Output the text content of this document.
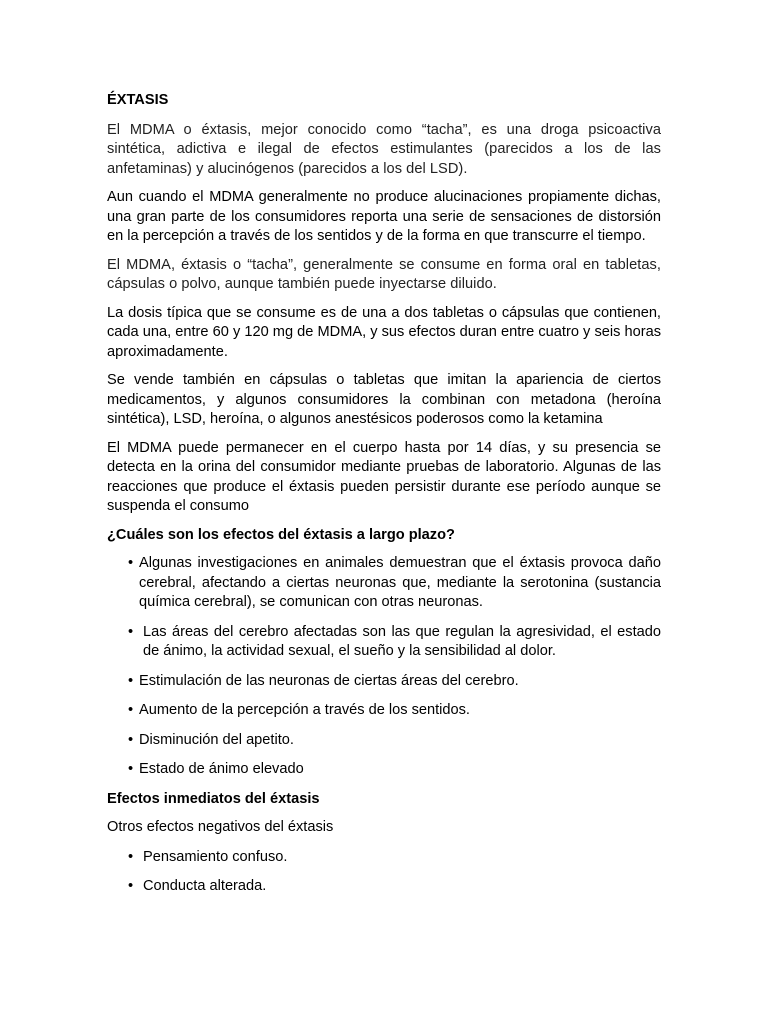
ÉXTASIS

El MDMA o éxtasis, mejor conocido como “tacha”, es una droga psicoactiva sintética, adictiva e ilegal de efectos estimulantes (parecidos a los de las anfetaminas) y alucinógenos (parecidos a los del LSD).

Aun cuando el MDMA generalmente no produce alucinaciones propiamente dichas, una gran parte de los consumidores reporta una serie de sensaciones de distorsión en la percepción a través de los sentidos y de la forma en que transcurre el tiempo.

El MDMA, éxtasis o “tacha”, generalmente se consume en forma oral en tabletas, cápsulas o polvo, aunque también puede inyectarse diluido.

La dosis típica que se consume es de una a dos tabletas o cápsulas que contienen, cada una, entre 60 y 120 mg de MDMA, y sus efectos duran entre cuatro y seis horas aproximadamente.

Se vende también en cápsulas o tabletas que imitan la apariencia de ciertos medicamentos, y algunos consumidores la combinan con metadona (heroína sintética), LSD, heroína, o algunos anestésicos poderosos como la ketamina

El MDMA puede permanecer en el cuerpo hasta por 14 días, y su presencia se detecta en la orina del consumidor mediante pruebas de laboratorio. Algunas de las reacciones que produce el éxtasis pueden persistir durante ese período aunque se suspenda el consumo

¿Cuáles son los efectos del éxtasis a largo plazo?
• Algunas investigaciones en animales demuestran que el éxtasis provoca daño cerebral, afectando a ciertas neuronas que, mediante la serotonina (sustancia química cerebral), se comunican con otras neuronas.
• Las áreas del cerebro afectadas son las que regulan la agresividad, el estado de ánimo, la actividad sexual, el sueño y la sensibilidad al dolor.
• Estimulación de las neuronas de ciertas áreas del cerebro.
• Aumento de la percepción a través de los sentidos.
• Disminución del apetito.
• Estado de ánimo elevado
Efectos inmediatos del éxtasis
Otros efectos negativos del éxtasis
• Pensamiento confuso.
• Conducta alterada.
